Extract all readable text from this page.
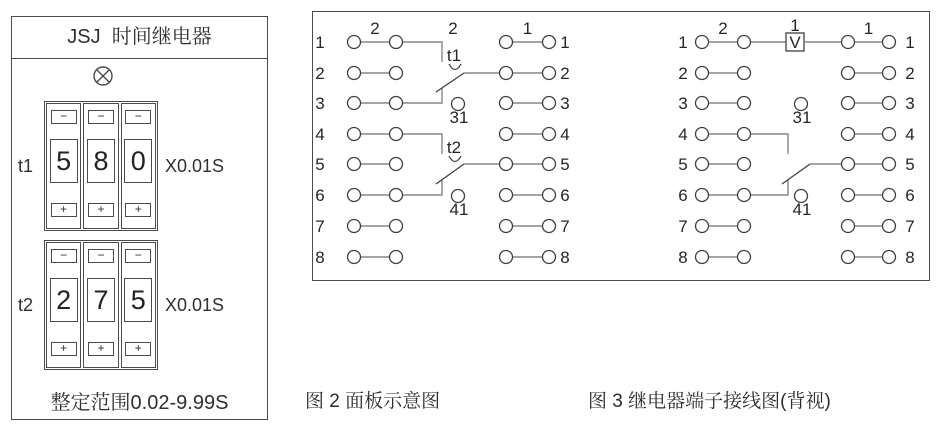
JSJ  时间继电器
t1
−
5
+
−
8
+
−
0
+
X0.01S
t2
−
2
+
−
7
+
−
5
+
X0.01S
整定范围0.02-9.99S
t1
t2
1	1
2	2
3	3
4	4
5	5
6	6
7	7
8	8
2	2	1
31
41
V
1	1
2	2
3	3
4	4
5	5
6	6
7	7
8	8
2	1	1
31
41
图 2 面板示意图	图 3 继电器端子接线图(背视)
